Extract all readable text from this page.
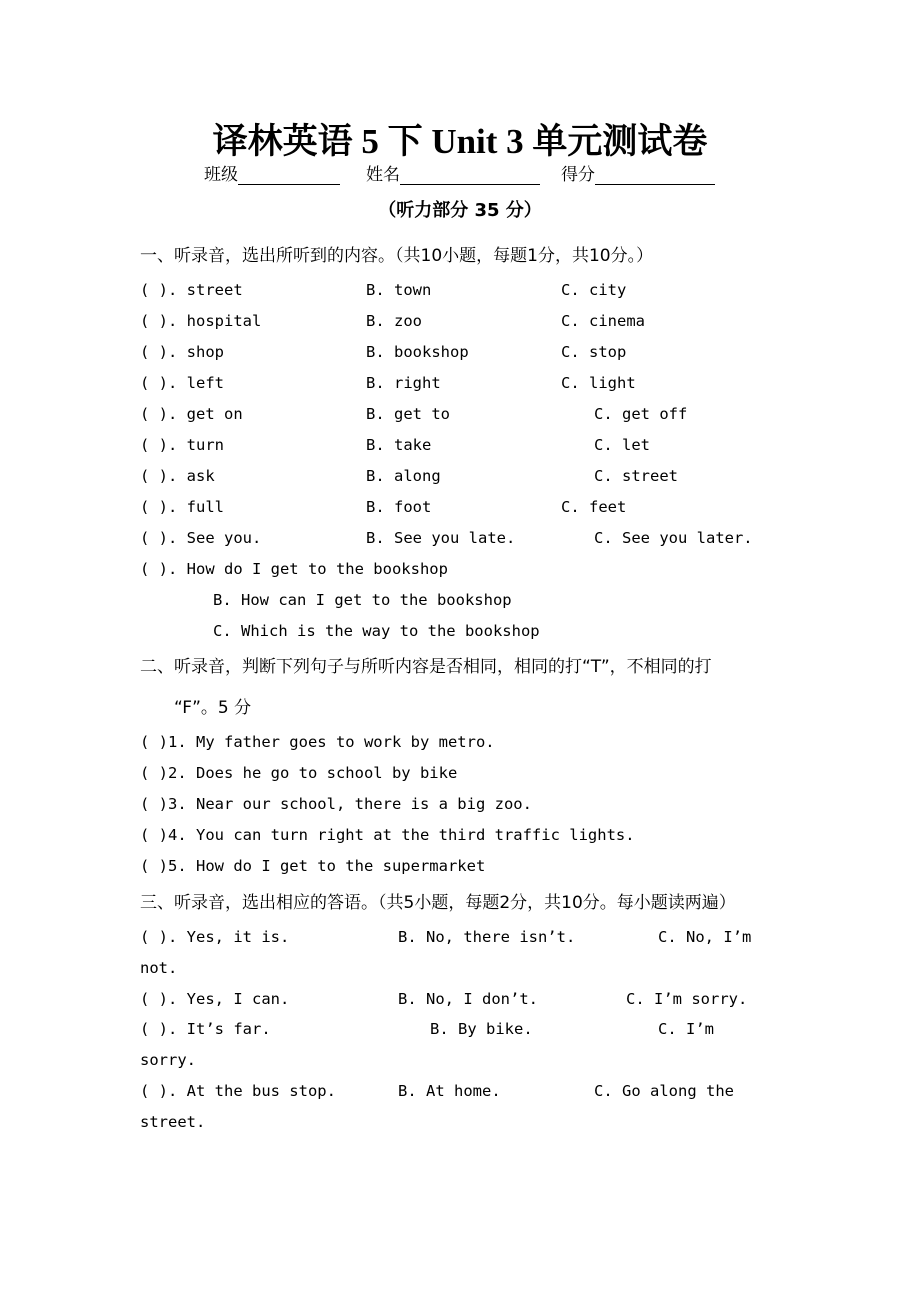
译林英语 5 下 Unit 3 单元测试卷
班级	姓名	得分
（听力部分 35 分）
一、听录音，选出所听到的内容。（共10小题，每题1分，共10分。）
( ). street	B. town	C. city
( ). hospital	B. zoo	C. cinema
( ). shop	B. bookshop	C. stop
( ). left	B. right	C. light
( ). get on	B. get to	C. get off
( ). turn	B. take	C. let
( ). ask	B. along	C. street
( ). full	B. foot	C. feet
( ). See you.	B. See you late.	C. See you later.
( ). How do I get to the bookshop
B. How can I get to the bookshop
C. Which is the way to the bookshop
二、听录音，判断下列句子与所听内容是否相同，相同的打“T”，不相同的打
“F”。5 分
( )1. My father goes to work by metro.
( )2. Does he go to school by bike
( )3. Near our school, there is a big zoo.
( )4. You can turn right at the third traffic lights.
( )5. How do I get to the supermarket
三、听录音，选出相应的答语。（共5小题，每题2分，共10分。每小题读两遍）
( ). Yes, it is.	B. No, there isn’t.	C. No, I’m
not.
( ). Yes, I can.	B. No, I don’t.	C. I’m sorry.
( ). It’s far.	B. By bike.	C. I’m
sorry.
( ). At the bus stop.	B. At home.	C. Go along the
street.
